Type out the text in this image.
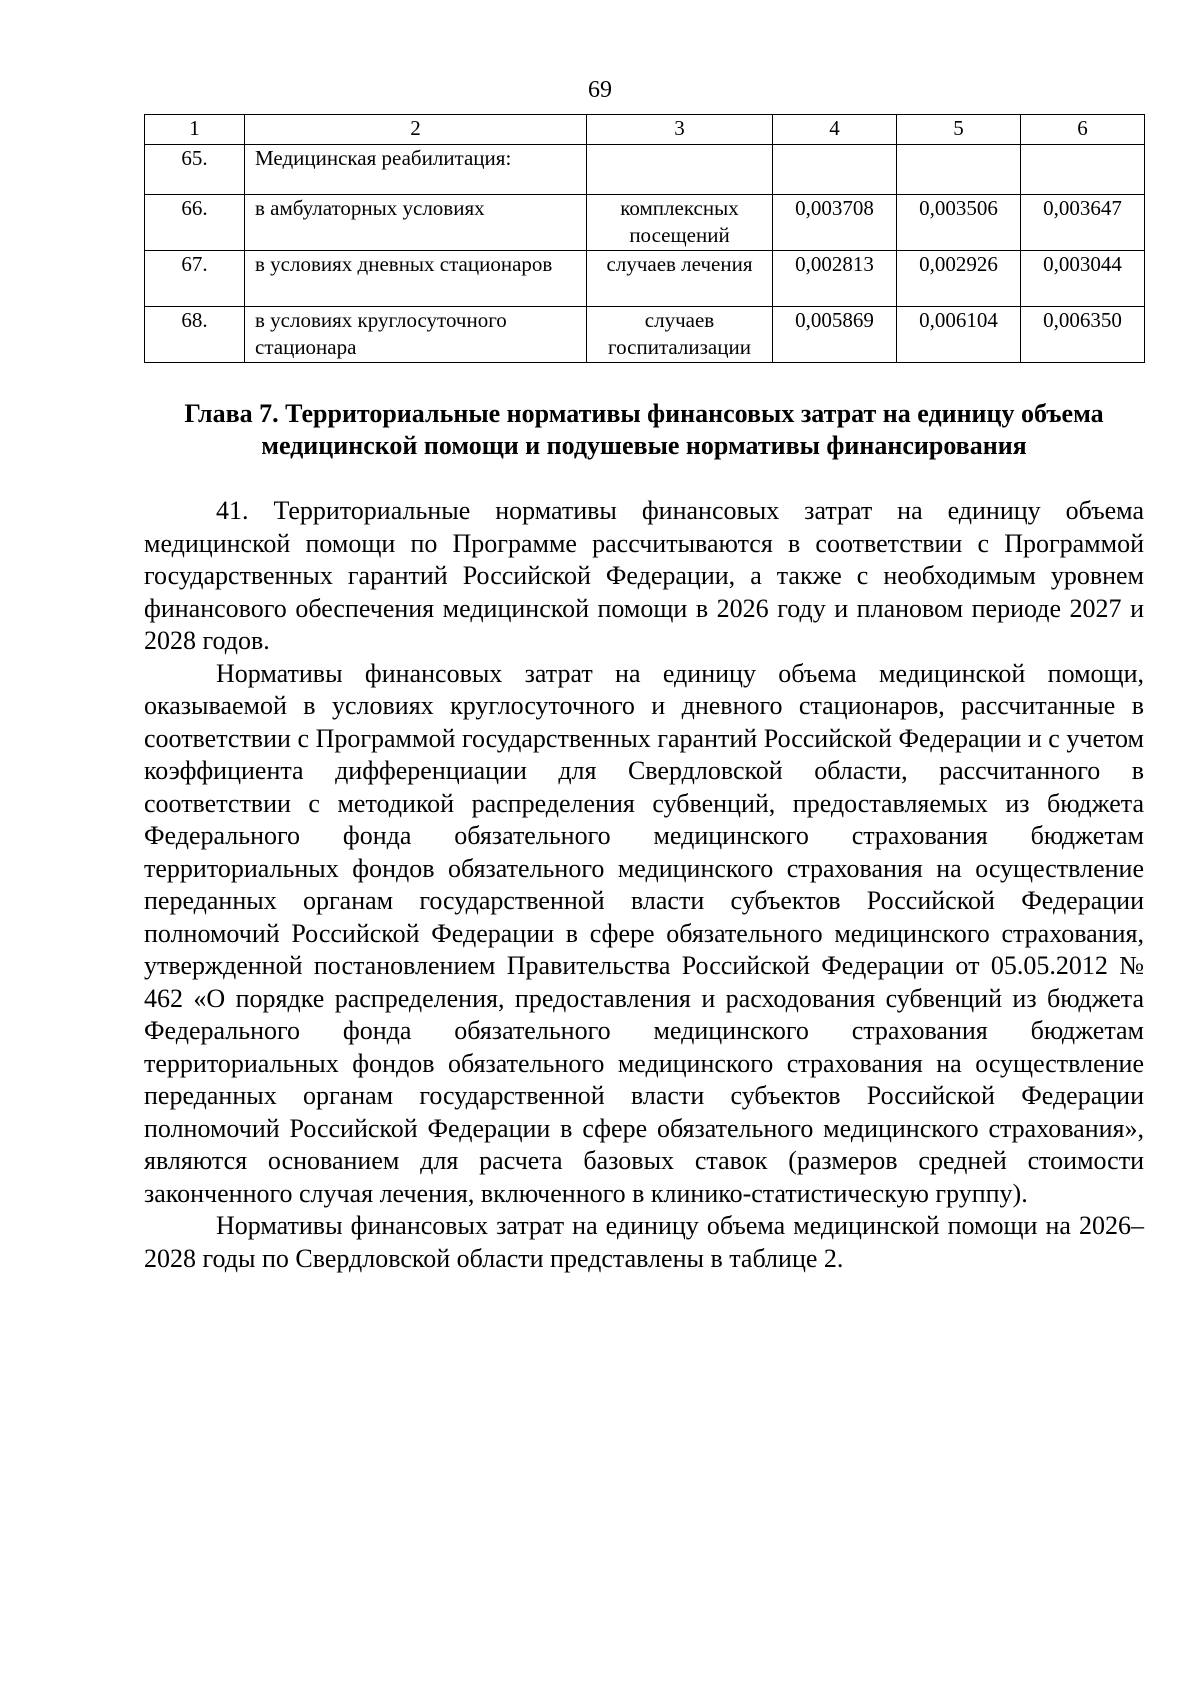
69
1	2	3	4	5	6
65.	Медицинская реабилитация:				
66.	в амбулаторных условиях	комплексных посещений	0,003708	0,003506	0,003647
67.	в условиях дневных стационаров	случаев лечения	0,002813	0,002926	0,003044
68.	в условиях круглосуточного стационара	случаев госпитализации	0,005869	0,006104	0,006350
Глава 7. Территориальные нормативы финансовых затрат на единицу объема медицинской помощи и подушевые нормативы финансирования

41. Территориальные нормативы финансовых затрат на единицу объема медицинской помощи по Программе рассчитываются в соответствии с Программой государственных гарантий Российской Федерации, а также с необходимым уровнем финансового обеспечения медицинской помощи в 2026 году и плановом периоде 2027 и 2028 годов.

Нормативы финансовых затрат на единицу объема медицинской помощи, оказываемой в условиях круглосуточного и дневного стационаров, рассчитанные в соответствии с Программой государственных гарантий Российской Федерации и с учетом коэффициента дифференциации для Свердловской области, рассчитанного в соответствии с методикой распределения субвенций, предоставляемых из бюджета Федерального фонда обязательного медицинского страхования бюджетам территориальных фондов обязательного медицинского страхования на осуществление переданных органам государственной власти субъектов Российской Федерации полномочий Российской Федерации в сфере обязательного медицинского страхования, утвержденной постановлением Правительства Российской Федерации от 05.05.2012 № 462 «О порядке распределения, предоставления и расходования субвенций из бюджета Федерального фонда обязательного медицинского страхования бюджетам территориальных фондов обязательного медицинского страхования на осуществление переданных органам государственной власти субъектов Российской Федерации полномочий Российской Федерации в сфере обязательного медицинского страхования», являются основанием для расчета базовых ставок (размеров средней стоимости законченного случая лечения, включенного в клинико-статистическую группу).

Нормативы финансовых затрат на единицу объема медицинской помощи на 2026–2028 годы по Свердловской области представлены в таблице 2.
